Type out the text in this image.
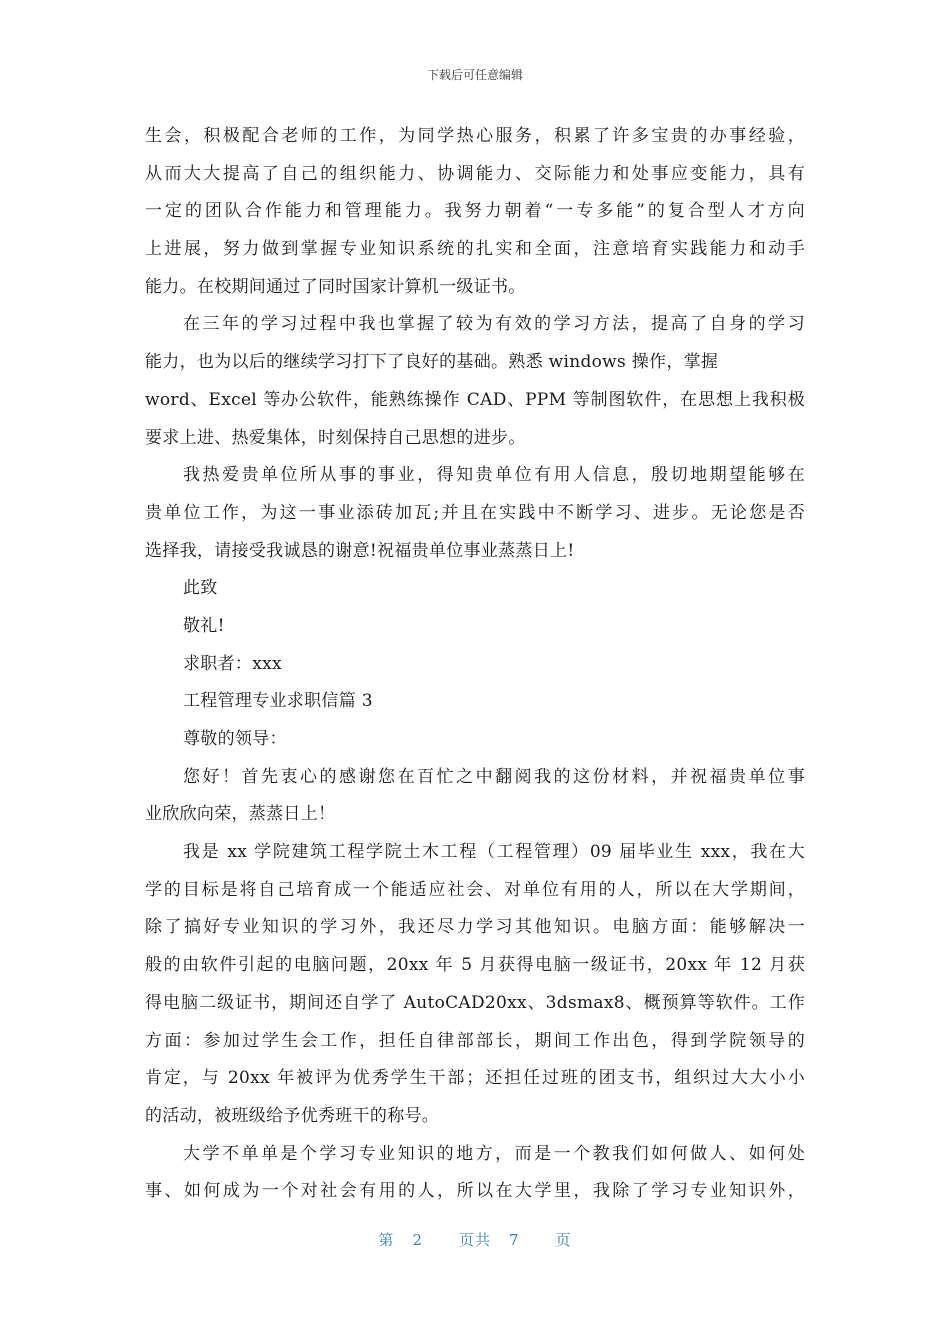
下载后可任意编辑
生会，积极配合老师的工作，为同学热心服务，积累了许多宝贵的办事经验，
从而大大提高了自己的组织能力、协调能力、交际能力和处事应变能力，具有
一定的团队合作能力和管理能力。我努力朝着“一专多能”的复合型人才方向
上进展，努力做到掌握专业知识系统的扎实和全面，注意培育实践能力和动手
能力。在校期间通过了同时国家计算机一级证书。
在三年的学习过程中我也掌握了较为有效的学习方法，提高了自身的学习
能力，也为以后的继续学习打下了良好的基础。熟悉 windows 操作，掌握
word、Excel 等办公软件，能熟练操作 CAD、PPM 等制图软件，在思想上我积极
要求上进、热爱集体，时刻保持自己思想的进步。
我热爱贵单位所从事的事业，得知贵单位有用人信息，殷切地期望能够在
贵单位工作，为这一事业添砖加瓦;并且在实践中不断学习、进步。无论您是否
选择我，请接受我诚恳的谢意!祝福贵单位事业蒸蒸日上!
此致
敬礼!
求职者：xxx
工程管理专业求职信篇 3
尊敬的领导：
您好！首先衷心的感谢您在百忙之中翻阅我的这份材料，并祝福贵单位事
业欣欣向荣，蒸蒸日上！
我是 xx 学院建筑工程学院土木工程（工程管理）09 届毕业生 xxx，我在大
学的目标是将自己培育成一个能适应社会、对单位有用的人，所以在大学期间，
除了搞好专业知识的学习外，我还尽力学习其他知识。电脑方面：能够解决一
般的由软件引起的电脑问题，20xx 年 5 月获得电脑一级证书，20xx 年 12 月获
得电脑二级证书，期间还自学了 AutoCAD20xx、3dsmax8、概预算等软件。工作
方面：参加过学生会工作，担任自律部部长，期间工作出色，得到学院领导的
肯定，与 20xx 年被评为优秀学生干部；还担任过班的团支书，组织过大大小小
的活动，被班级给予优秀班干的称号。
大学不单单是个学习专业知识的地方，而是一个教我们如何做人、如何处
事、如何成为一个对社会有用的人，所以在大学里，我除了学习专业知识外，
第 2 页共 7 页
